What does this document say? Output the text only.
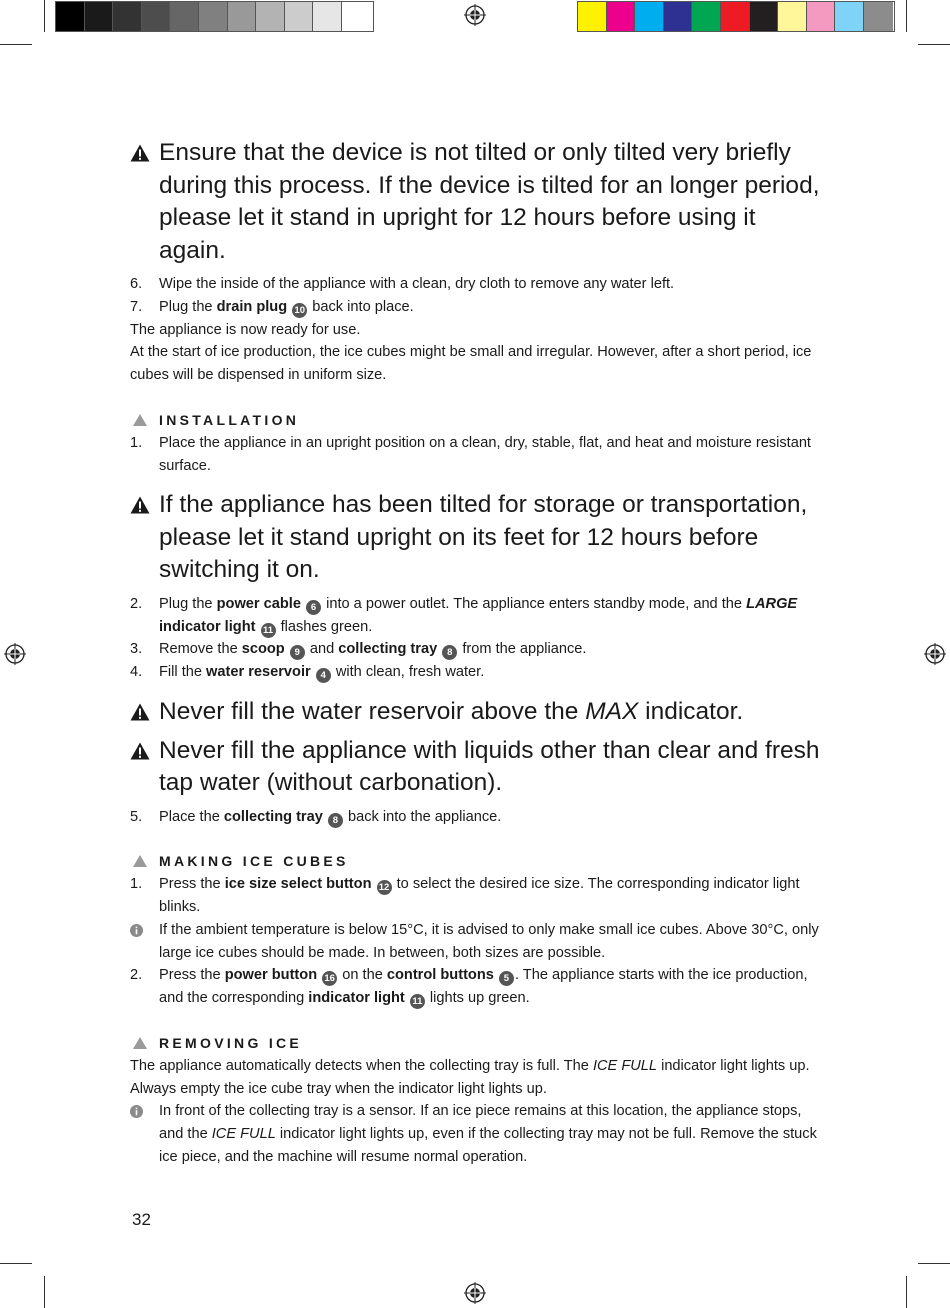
Ensure that the device is not tilted or only tilted very briefly during this process. If the device is tilted for an longer period, please let it stand in upright for 12 hours before using it again.
6. Wipe the inside of the appliance with a clean, dry cloth to remove any water left.
7. Plug the drain plug 10 back into place.

The appliance is now ready for use.

At the start of ice production, the ice cubes might be small and irregular. However, after a short period, ice cubes will be dispensed in uniform size.

INSTALLATION
1. Place the appliance in an upright position on a clean, dry, stable, flat, and heat and moisture resistant surface.
If the appliance has been tilted for storage or transportation, please let it stand upright on its feet for 12 hours before switching it on.
2. Plug the power cable 6 into a power outlet. The appliance enters standby mode, and the LARGE indicator light 11 flashes green.
3. Remove the scoop 9 and collecting tray 8 from the appliance.
4. Fill the water reservoir 4 with clean, fresh water.
Never fill the water reservoir above the MAX indicator.
Never fill the appliance with liquids other than clear and fresh tap water (without carbonation).
5. Place the collecting tray 8 back into the appliance.
MAKING ICE CUBES
1. Press the ice size select button 12 to select the desired ice size. The corresponding indicator light blinks.
If the ambient temperature is below 15°C, it is advised to only make small ice cubes. Above 30°C, only large ice cubes should be made. In between, both sizes are possible.
2. Press the power button 16 on the control buttons 5 . The appliance starts with the ice production, and the corresponding indicator light 11 lights up green.
REMOVING ICE

The appliance automatically detects when the collecting tray is full. The ICE FULL indicator light lights up. Always empty the ice cube tray when the indicator light lights up.

In front of the collecting tray is a sensor. If an ice piece remains at this location, the appliance stops, and the ICE FULL indicator light lights up, even if the collecting tray may not be full. Remove the stuck ice piece, and the machine will resume normal operation.
32
